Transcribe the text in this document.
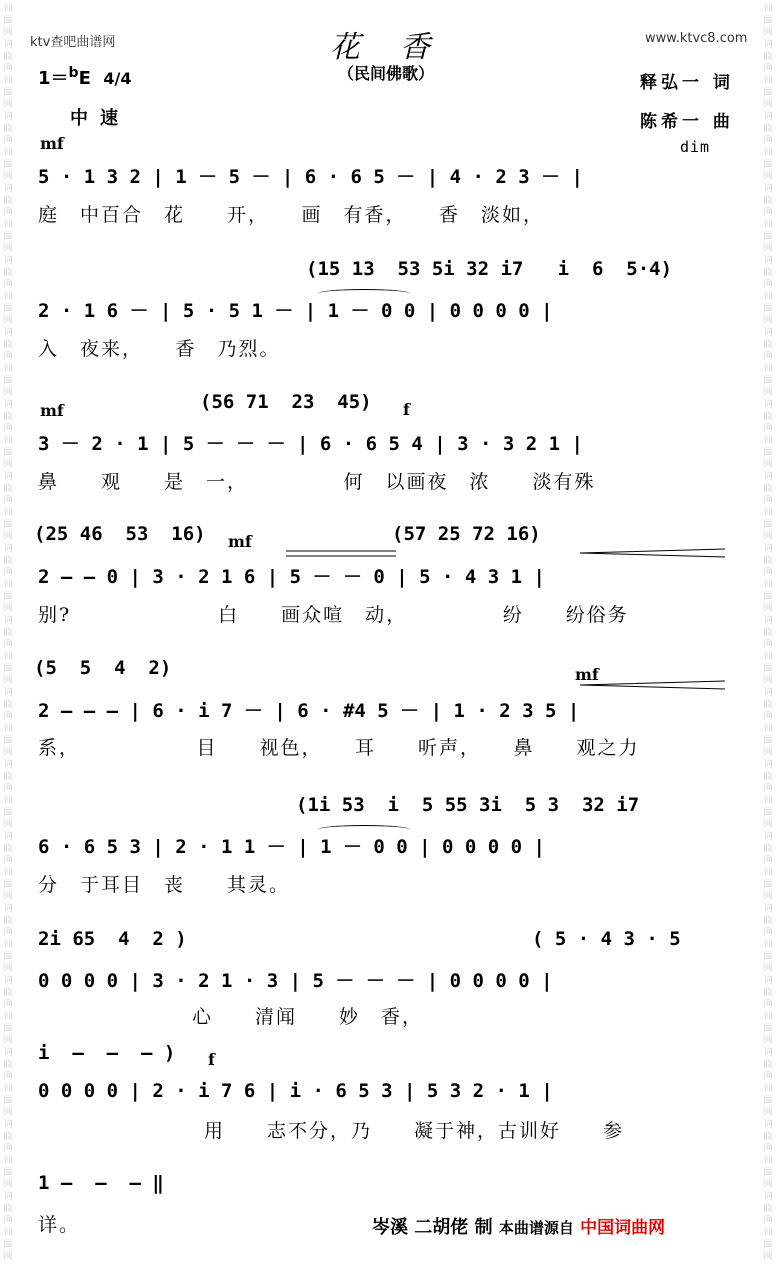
词
曲
网
词
曲
网
词
曲
网
词
曲
网
词
曲
网
词
曲
网
词
曲
网
词
曲
网
词
曲
网
词
曲
网
词
曲
网
词
曲
网
词
曲
网
词
曲
网
词
曲
网
词
曲
网
词
曲
网
词
曲
网
词
曲
网
词
曲
网
词
曲
网
词
曲
网
词
曲
网
词
曲
网
词
曲
网
词
曲
网
词
曲
网
词
曲
网
词
曲
网
词
曲
网
词
曲
网
词
曲
网
词
曲
网
词
曲
网
词
曲
网
词
曲
网
词
曲
网
词
曲
网
词
曲
网
词
曲
网
词
曲
网
词
曲
网
词
曲
网
词
曲
网
词
曲
网
词
曲
网
词
曲
网
词
曲
网
词
曲
网
词
曲
网
词
曲
网
词
曲
网
词
曲
网
词
曲
网
词
曲
网
词
曲
网
词
曲
网
词
曲
网
词
曲
网
词
曲
网
词
曲
网
词
曲
网
词
曲
网
词
曲
网
词
曲
网
词
曲
网
词
曲
网
词
曲
网
词
曲
网
词
曲
网
ktv查吧曲谱网	www.ktvc8.com
花香
（民间佛歌）
1＝$^b$E 4/4
中速
释弘一 词
陈希一 曲
mf	dim
mf	f
mf
mf
f
5 · 1 3 2 | 1 － 5 － | 6 · 6 5 － | 4 · 2 3 － |
庭　中百合　花　　开，　　画　有香，　　香　淡如，
(15 13  53 5i 32 i7   i  6  5·4)
2 · 1 6 － | 5 · 5 1 － | 1 － 0 0 | 0 0 0 0 |
入　夜来，　　香　乃烈。
(56 71  23  45)
3 － 2 · 1 | 5 － － － | 6 · 6 5 4 | 3 · 3 2 1 |
鼻　　观　　是　一，　　　　　何　以画夜　浓　　淡有殊
(25 46  53  16)	(57 25 72 16)
2 — — 0 | 3 · 2 1 6 | 5 － － 0 | 5 · 4 3 1 |
别?　　　　　　　白　　画众喧　动，　　　　　纷　　纷俗务
(5  5  4  2)
2 — — — | 6 · i 7 － | 6 · #4 5 － | 1 · 2 3 5 |
系，　　　　　　目　　视色，　　耳　　听声，　　鼻　　观之力
(1i 53  i  5 55 3i  5 3  32 i7
6 · 6 5 3 | 2 · 1 1 － | 1 － 0 0 | 0 0 0 0 |
分　于耳目　丧　　其灵。
2i 65  4  2 )	( 5 · 4 3 · 5
0 0 0 0 | 3 · 2 1 · 3 | 5 － － － | 0 0 0 0 |
心　　清闻　　妙　香，
i  —  —  — )
0 0 0 0 | 2 · i 7 6 | i · 6 5 3 | 5 3 2 · 1 |
用　　志不分，乃　　凝于神，古训好　　参
1 —  —  — ‖
详。	岑溪 二胡佬 制 本曲谱源自 中国词曲网
